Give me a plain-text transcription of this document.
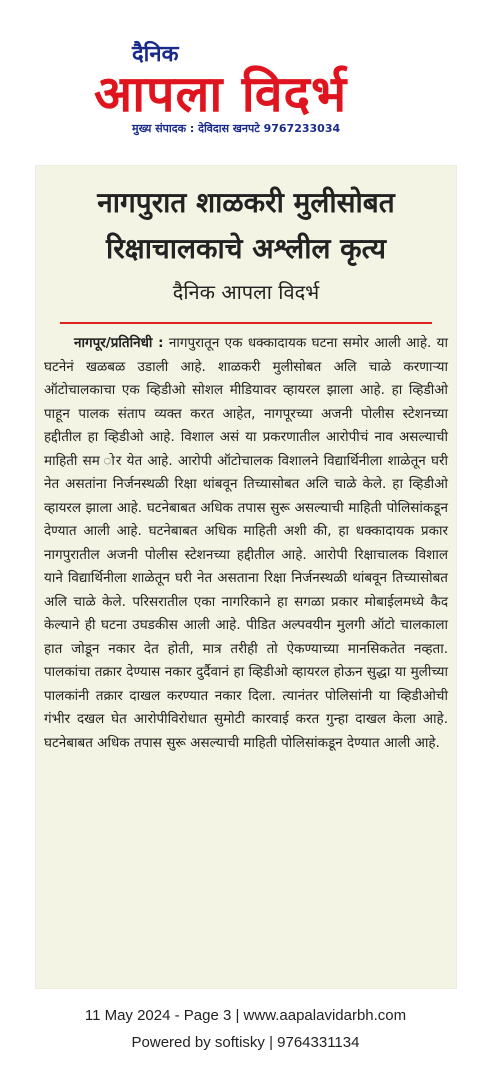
दैनिक
आपला विदर्भ
मुख्य संपादक : देविदास खनपटे 9767233034
नागपुरात शाळकरी मुलीसोबत
रिक्षाचालकाचे अश्लील कृत्य
दैनिक आपला विदर्भ
नागपूर/प्रतिनिधी : नागपुरातून एक धक्कादायक घटना समोर आली आहे. या घटनेनं खळबळ उडाली आहे. शाळकरी मुलीसोबत अलि चाळे करणाऱ्या ऑटोचालकाचा एक व्हिडीओ सोशल मीडियावर व्हायरल झाला आहे. हा व्हिडीओ पाहून पालक संताप व्यक्त करत आहेत, नागपूरच्या अजनी पोलीस स्टेशनच्या हद्दीतील हा व्हिडीओ आहे. विशाल असं या प्रकरणातील आरोपीचं नाव असल्याची माहिती सम ोर येत आहे. आरोपी ऑटोचालक विशालने विद्यार्थिनीला शाळेतून घरी नेत असतांना निर्जनस्थळी रिक्षा थांबवून तिच्यासोबत अलि चाळे केले. हा व्हिडीओ व्हायरल झाला आहे. घटनेबाबत अधिक तपास सुरू असल्याची माहिती पोलिसांकडून देण्यात आली आहे. घटनेबाबत अधिक माहिती अशी की, हा धक्कादायक प्रकार नागपुरातील अजनी पोलीस स्टेशनच्या हद्दीतील आहे. आरोपी रिक्षाचालक विशाल याने विद्यार्थिनीला शाळेतून घरी नेत असताना रिक्षा निर्जनस्थळी थांबवून तिच्यासोबत अलि चाळे केले. परिसरातील एका नागरिकाने हा सगळा प्रकार मोबाईलमध्ये कैद केल्याने ही घटना उघडकीस आली आहे. पीडित अल्पवयीन मुलगी ऑटो चालकाला हात जोडून नकार देत होती, मात्र तरीही तो ऐकण्याच्या मानसिकतेत नव्हता. पालकांचा तक्रार देण्यास नकार दुर्दैवानं हा व्हिडीओ व्हायरल होऊन सुद्धा या मुलीच्या पालकांनी तक्रार दाखल करण्यात नकार दिला. त्यानंतर पोलिसांनी या व्हिडीओची गंभीर दखल घेत आरोपीविरोधात सुमोटी कारवाई करत गुन्हा दाखल केला आहे. घटनेबाबत अधिक तपास सुरू असल्याची माहिती पोलिसांकडून देण्यात आली आहे.
11 May 2024 - Page 3 | www.aapalavidarbh.com
Powered by softisky | 9764331134
